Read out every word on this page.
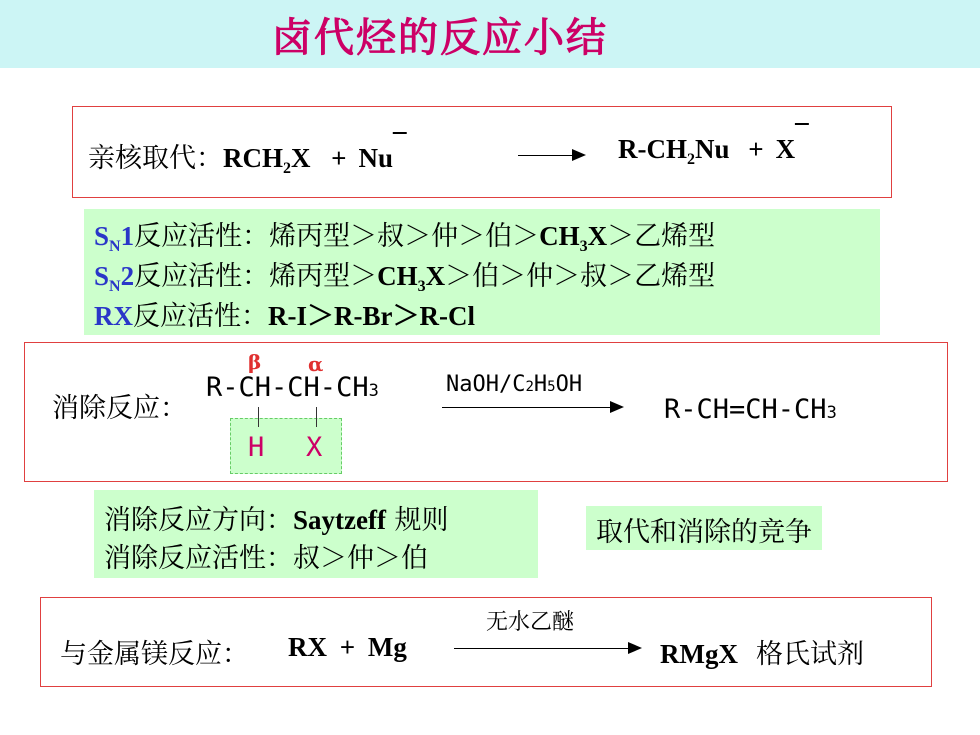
卤代烃的反应小结
亲核取代：$RCH_2X$ + Nu¯	$R-CH_2Nu$ + X¯
$S_N1$反应活性：烯丙型＞叔＞仲＞伯$>CH_3X>$乙烯型
$S_N2$反应活性：烯丙型$>CH_3X>$伯＞仲＞叔＞乙烯型
RX反应活性：R-I＞R-Br＞R-Cl
消除反应：
β α
R-CH-CH-CH3
H X
NaOH/C2H5OH
R-CH=CH-CH3
消除反应方向：Saytzeff 规则
消除反应活性：叔＞仲＞伯
取代和消除的竞争
与金属镁反应： RX + Mg
无水乙醚
RMgX 格氏试剂
